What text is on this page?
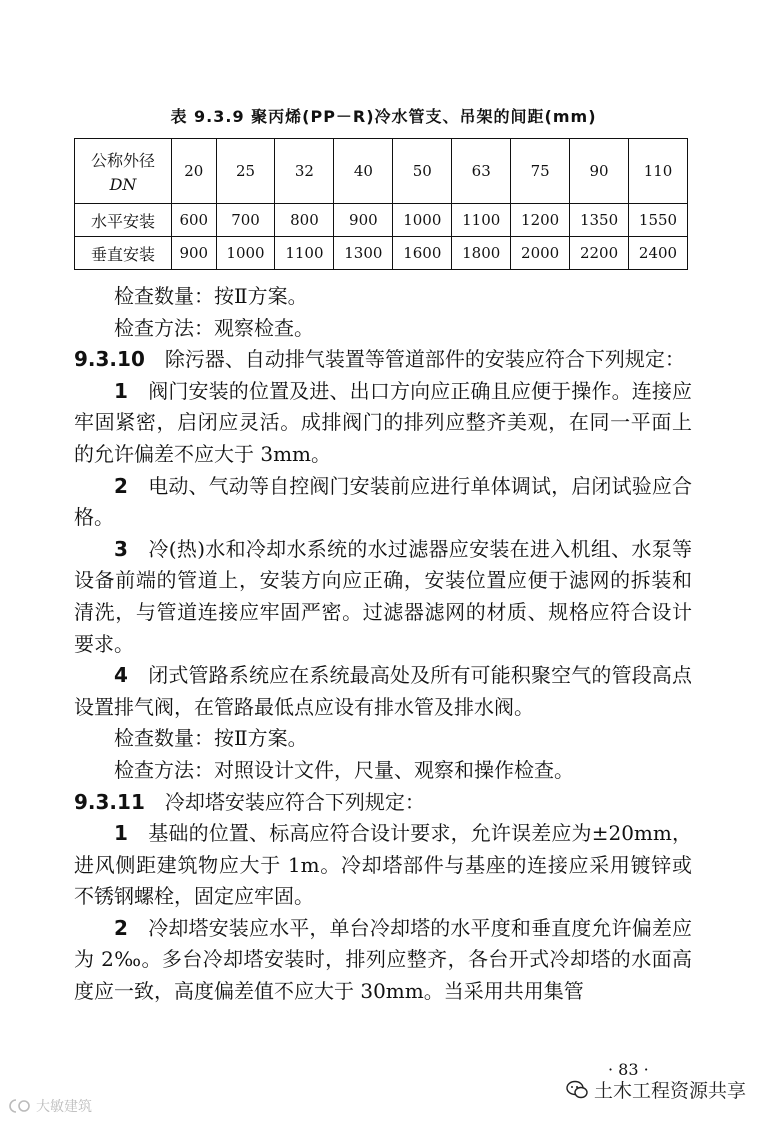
表 9.3.9 聚丙烯(PP－R)冷水管支、吊架的间距(mm)
公称外径
DN	20	25	32	40	50	63	75	90	110
水平安装	600	700	800	900	1000	1100	1200	1350	1550
垂直安装	900	1000	1100	1300	1600	1800	2000	2200	2400

检查数量：按Ⅱ方案。

检查方法：观察检查。

9.3.10　 除污器、自动排气装置等管道部件的安装应符合下列规定：

1　 阀门安装的位置及进、出口方向应正确且应便于操作。连接应牢固紧密，启闭应灵活。成排阀门的排列应整齐美观，在同一平面上的允许偏差不应大于 3mm。

2　 电动、气动等自控阀门安装前应进行单体调试，启闭试验应合格。

3　 冷(热)水和冷却水系统的水过滤器应安装在进入机组、水泵等设备前端的管道上，安装方向应正确，安装位置应便于滤网的拆装和清洗，与管道连接应牢固严密。过滤器滤网的材质、规格应符合设计要求。

4　 闭式管路系统应在系统最高处及所有可能积聚空气的管段高点设置排气阀，在管路最低点应设有排水管及排水阀。

检查数量：按Ⅱ方案。

检查方法：对照设计文件，尺量、观察和操作检查。

9.3.11　 冷却塔安装应符合下列规定：

1　 基础的位置、标高应符合设计要求，允许误差应为±20mm，进风侧距建筑物应大于 1m。冷却塔部件与基座的连接应采用镀锌或不锈钢螺栓，固定应牢固。

2　 冷却塔安装应水平，单台冷却塔的水平度和垂直度允许偏差应为 2‰。多台冷却塔安装时，排列应整齐，各台开式冷却塔的水面高度应一致，高度偏差值不应大于 30mm。当采用共用集管

· 83 ·
土木工程资源共享
大敏建筑
